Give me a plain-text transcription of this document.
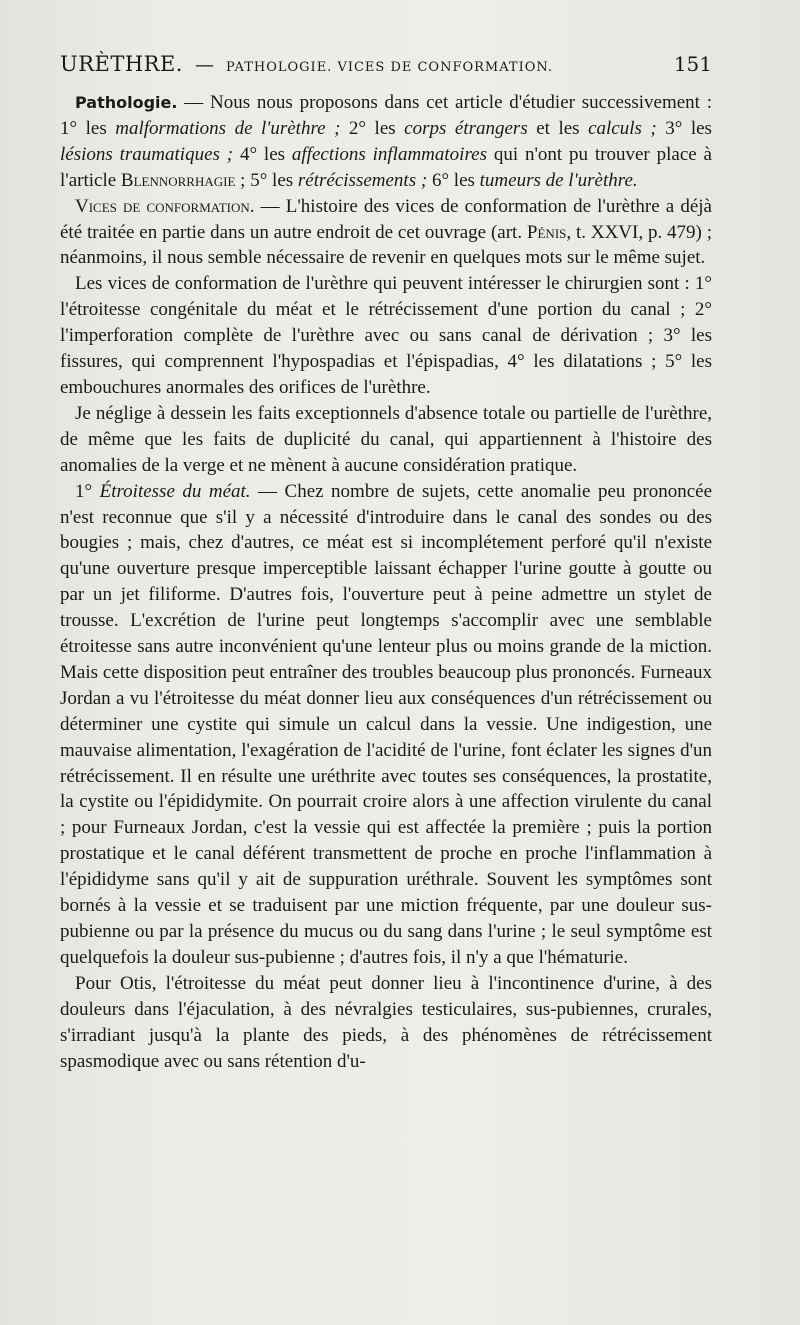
URÈTHRE. — PATHOLOGIE. VICES DE CONFORMATION.	151

Pathologie. — Nous nous proposons dans cet article d'étudier successivement : 1° les malformations de l'urèthre ; 2° les corps étrangers et les calculs ; 3° les lésions traumatiques ; 4° les affections inflammatoires qui n'ont pu trouver place à l'article Blennorrhagie ; 5° les rétrécissements ; 6° les tumeurs de l'urèthre.

Vices de conformation. — L'histoire des vices de conformation de l'urèthre a déjà été traitée en partie dans un autre endroit de cet ouvrage (art. Pénis, t. XXVI, p. 479) ; néanmoins, il nous semble nécessaire de revenir en quelques mots sur le même sujet.

Les vices de conformation de l'urèthre qui peuvent intéresser le chirurgien sont : 1° l'étroitesse congénitale du méat et le rétrécissement d'une portion du canal ; 2° l'imperforation complète de l'urèthre avec ou sans canal de dérivation ; 3° les fissures, qui comprennent l'hypospadias et l'épispadias, 4° les dilatations ; 5° les embouchures anormales des orifices de l'urèthre.

Je néglige à dessein les faits exceptionnels d'absence totale ou partielle de l'urèthre, de même que les faits de duplicité du canal, qui appartiennent à l'histoire des anomalies de la verge et ne mènent à aucune considération pratique.

1° Étroitesse du méat. — Chez nombre de sujets, cette anomalie peu prononcée n'est reconnue que s'il y a nécessité d'introduire dans le canal des sondes ou des bougies ; mais, chez d'autres, ce méat est si incomplétement perforé qu'il n'existe qu'une ouverture presque imperceptible laissant échapper l'urine goutte à goutte ou par un jet filiforme. D'autres fois, l'ouverture peut à peine admettre un stylet de trousse. L'excrétion de l'urine peut longtemps s'accomplir avec une semblable étroitesse sans autre inconvénient qu'une lenteur plus ou moins grande de la miction. Mais cette disposition peut entraîner des troubles beaucoup plus prononcés. Furneaux Jordan a vu l'étroitesse du méat donner lieu aux conséquences d'un rétrécissement ou déterminer une cystite qui simule un calcul dans la vessie. Une indigestion, une mauvaise alimentation, l'exagération de l'acidité de l'urine, font éclater les signes d'un rétrécissement. Il en résulte une uréthrite avec toutes ses conséquences, la prostatite, la cystite ou l'épididymite. On pourrait croire alors à une affection virulente du canal ; pour Furneaux Jordan, c'est la vessie qui est affectée la première ; puis la portion prostatique et le canal déférent transmettent de proche en proche l'inflammation à l'épididyme sans qu'il y ait de suppuration uréthrale. Souvent les symptômes sont bornés à la vessie et se traduisent par une miction fréquente, par une douleur sus-pubienne ou par la présence du mucus ou du sang dans l'urine ; le seul symptôme est quelquefois la douleur sus-pubienne ; d'autres fois, il n'y a que l'hématurie.

Pour Otis, l'étroitesse du méat peut donner lieu à l'incontinence d'urine, à des douleurs dans l'éjaculation, à des névralgies testiculaires, sus-pubiennes, crurales, s'irradiant jusqu'à la plante des pieds, à des phénomènes de rétrécissement spasmodique avec ou sans rétention d'u-
